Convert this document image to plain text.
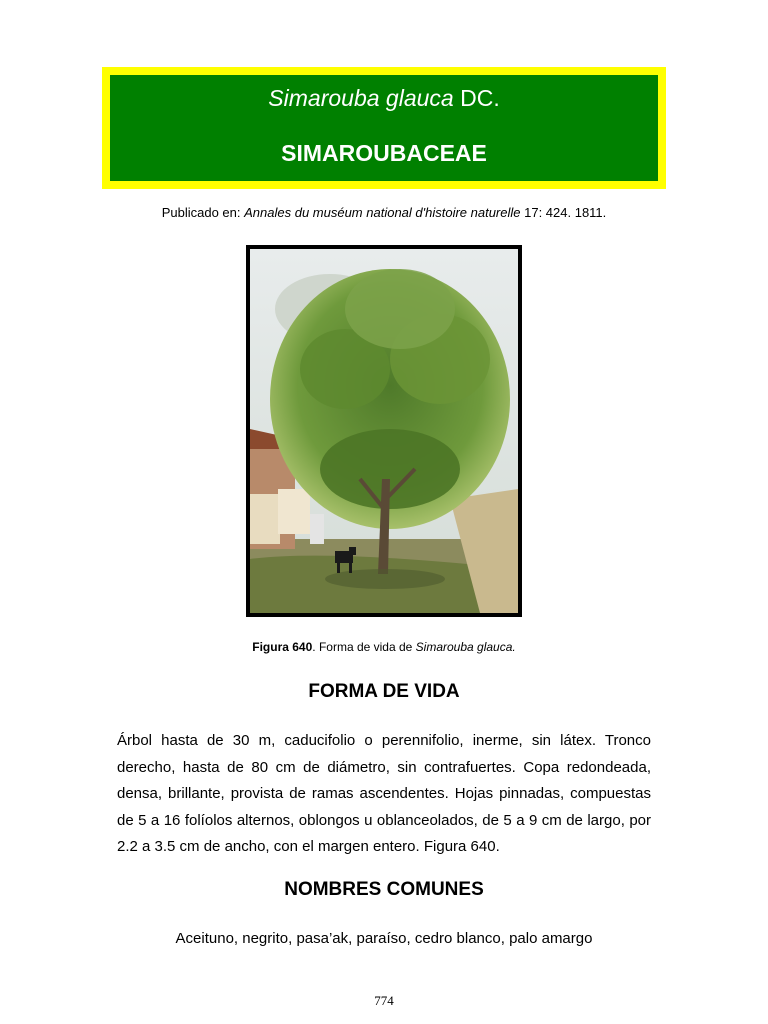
Simarouba glauca DC.
SIMAROUBACEAE
Publicado en: Annales du muséum national d'histoire naturelle 17: 424. 1811.
Figura 640. Forma de vida de Simarouba glauca.
FORMA DE VIDA

Árbol hasta de 30 m, caducifolio o perennifolio, inerme, sin látex. Tronco derecho, hasta de 80 cm de diámetro, sin contrafuertes. Copa redondeada, densa, brillante, provista de ramas ascendentes. Hojas pinnadas, compuestas de 5 a 16 folíolos alternos, oblongos u oblanceolados, de 5 a 9 cm de largo, por 2.2 a 3.5 cm de ancho, con el margen entero. Figura 640.

NOMBRES COMUNES
Aceituno, negrito, pasa’ak, paraíso, cedro blanco, palo amargo
774
